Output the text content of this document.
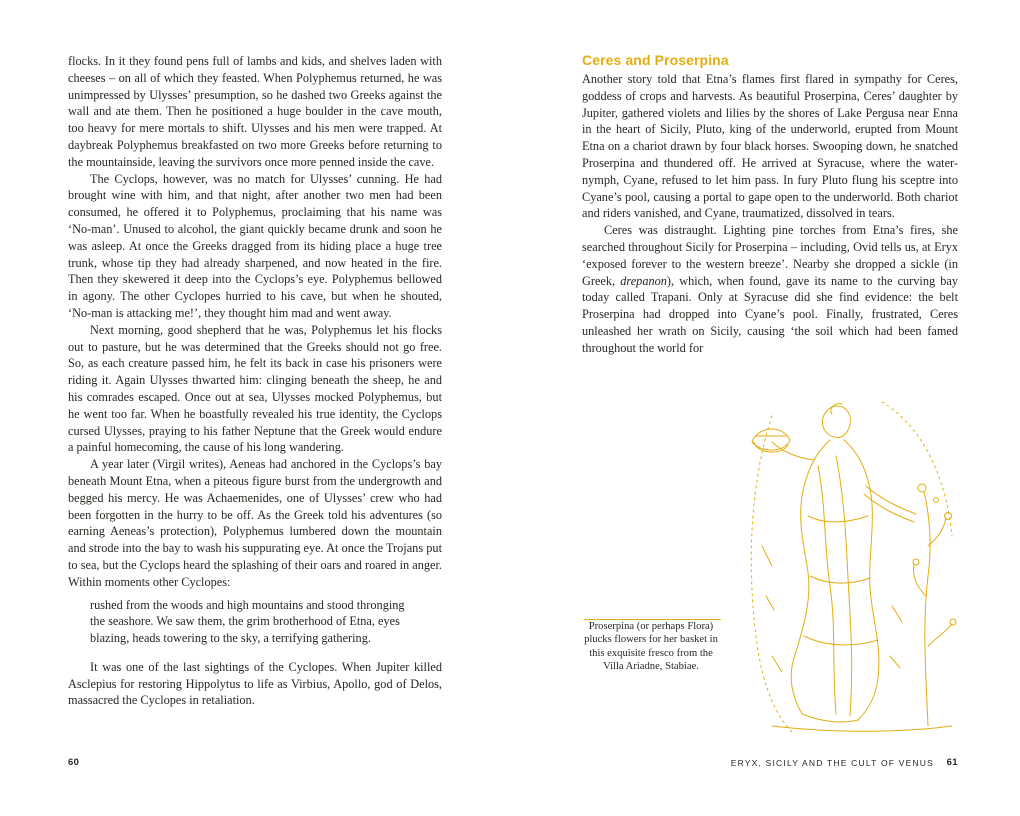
flocks. In it they found pens full of lambs and kids, and shelves laden with cheeses – on all of which they feasted. When Polyphemus returned, he was unimpressed by Ulysses’ presumption, so he dashed two Greeks against the wall and ate them. Then he positioned a huge boulder in the cave mouth, too heavy for mere mortals to shift. Ulysses and his men were trapped. At daybreak Polyphemus breakfasted on two more Greeks before returning to the mountainside, leaving the survivors once more penned inside the cave.

The Cyclops, however, was no match for Ulysses’ cunning. He had brought wine with him, and that night, after another two men had been consumed, he offered it to Polyphemus, proclaiming that his name was ‘No-man’. Unused to alcohol, the giant quickly became drunk and soon he was asleep. At once the Greeks dragged from its hiding place a huge tree trunk, whose tip they had already sharpened, and now heated in the fire. Then they skewered it deep into the Cyclops’s eye. Polyphemus bellowed in agony. The other Cyclopes hurried to his cave, but when he shouted, ‘No-man is attacking me!’, they thought him mad and went away.

Next morning, good shepherd that he was, Polyphemus let his flocks out to pasture, but he was determined that the Greeks should not go free. So, as each creature passed him, he felt its back in case his prisoners were riding it. Again Ulysses thwarted him: clinging beneath the sheep, he and his comrades escaped. Once out at sea, Ulysses mocked Polyphemus, but he went too far. When he boastfully revealed his true identity, the Cyclops cursed Ulysses, praying to his father Neptune that the Greek would endure a painful homecoming, the cause of his long wandering.

A year later (Virgil writes), Aeneas had anchored in the Cyclops’s bay beneath Mount Etna, when a piteous figure burst from the undergrowth and begged his mercy. He was Achaemenides, one of Ulysses’ crew who had been forgotten in the hurry to be off. As the Greek told his adventures (so earning Aeneas’s protection), Polyphemus lumbered down the mountain and strode into the bay to wash his suppurating eye. At once the Trojans put to sea, but the Cyclops heard the splashing of their oars and roared in anger. Within moments other Cyclopes:

rushed from the woods and high mountains and stood thronging
the seashore. We saw them, the grim brotherhood of Etna, eyes
blazing, heads towering to the sky, a terrifying gathering.

It was one of the last sightings of the Cyclopes. When Jupiter killed Asclepius for restoring Hippolytus to life as Virbius, Apollo, god of Delos, massacred the Cyclopes in retaliation.

60
Ceres and Proserpina

Another story told that Etna’s flames first flared in sympathy for Ceres, goddess of crops and harvests. As beautiful Proserpina, Ceres’ daughter by Jupiter, gathered violets and lilies by the shores of Lake Pergusa near Enna in the heart of Sicily, Pluto, king of the underworld, erupted from Mount Etna on a chariot drawn by four black horses. Swooping down, he snatched Proserpina and thundered off. He arrived at Syracuse, where the water-nymph, Cyane, refused to let him pass. In fury Pluto flung his sceptre into Cyane’s pool, causing a portal to gape open to the underworld. Both chariot and riders vanished, and Cyane, traumatized, dissolved in tears.

Ceres was distraught. Lighting pine torches from Etna’s fires, she searched throughout Sicily for Proserpina – including, Ovid tells us, at Eryx ‘exposed forever to the western breeze’. Nearby she dropped a sickle (in Greek, drepanon), which, when found, gave its name to the curving bay today called Trapani. Only at Syracuse did she find evidence: the belt Proserpina had dropped into Cyane’s pool. Finally, frustrated, Ceres unleashed her wrath on Sicily, causing ‘the soil which had been famed throughout the world for

Proserpina (or perhaps Flora) plucks flowers for her basket in this exquisite fresco from the Villa Ariadne, Stabiae.
ERYX, SICILY AND THE CULT OF VENUS 61
